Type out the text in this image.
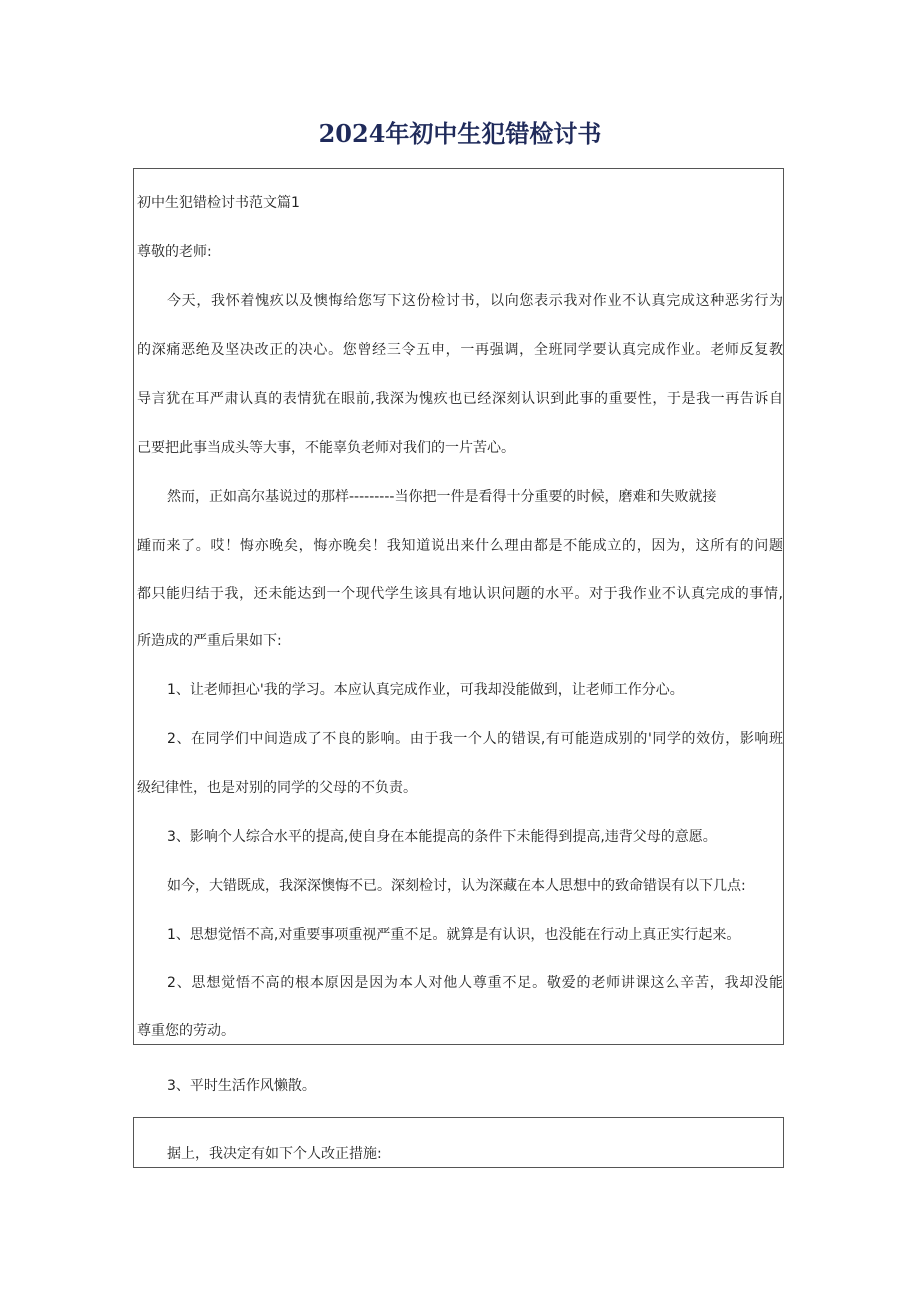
2024年初中生犯错检讨书
初中生犯错检讨书范文篇1
尊敬的老师:
今天，我怀着愧疚以及懊悔给您写下这份检讨书，以向您表示我对作业不认真完成这种恶劣行为
的深痛恶绝及坚决改正的决心。您曾经三令五申，一再强调，全班同学要认真完成作业。老师反复教
导言犹在耳严肃认真的表情犹在眼前,我深为愧疚也已经深刻认识到此事的重要性，于是我一再告诉自
己要把此事当成头等大事，不能辜负老师对我们的一片苦心。
然而，正如高尔基说过的那样---------当你把一件是看得十分重要的时候，磨难和失败就接
踵而来了。哎！悔亦晚矣，悔亦晚矣！我知道说出来什么理由都是不能成立的，因为，这所有的问题
都只能归结于我，还未能达到一个现代学生该具有地认识问题的水平。对于我作业不认真完成的事情,
所造成的严重后果如下:
1、让老师担心'我的学习。本应认真完成作业，可我却没能做到，让老师工作分心。
2、在同学们中间造成了不良的影响。由于我一个人的错误,有可能造成别的'同学的效仿，影响班
级纪律性，也是对别的同学的父母的不负责。
3、影响个人综合水平的提高,使自身在本能提高的条件下未能得到提高,违背父母的意愿。
如今，大错既成，我深深懊悔不已。深刻检讨，认为深藏在本人思想中的致命错误有以下几点:
1、思想觉悟不高,对重要事项重视严重不足。就算是有认识，也没能在行动上真正实行起来。
2、思想觉悟不高的根本原因是因为本人对他人尊重不足。敬爱的老师讲课这么辛苦，我却没能
尊重您的劳动。
3、平时生活作风懒散。
据上，我决定有如下个人改正措施:
